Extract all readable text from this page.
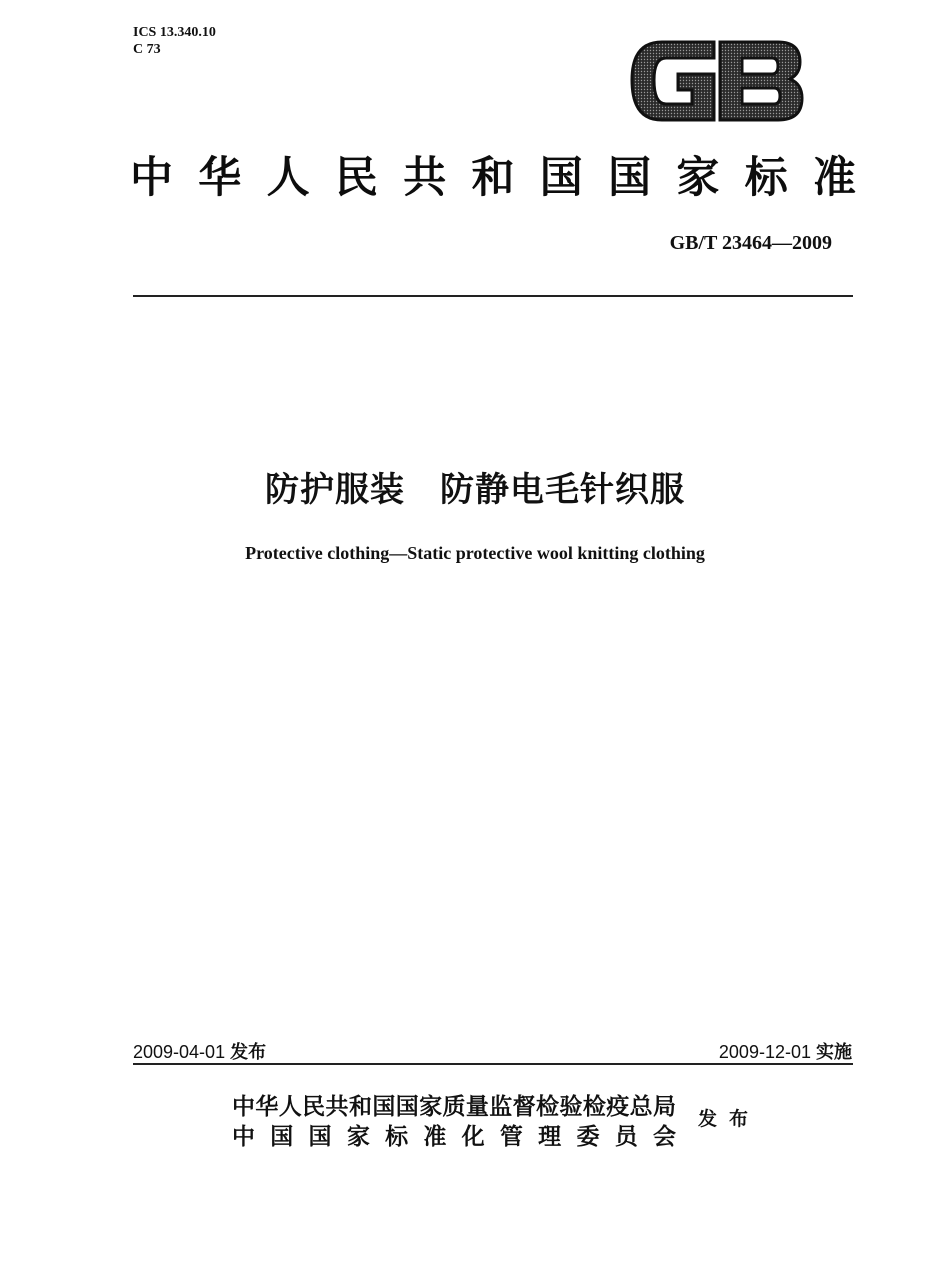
ICS 13.340.10
C 73
中华人民共和国国家标准
GB/T 23464—2009
防护服装　防静电毛针织服
Protective clothing—Static protective wool knitting clothing
2009-04-01 发布	2009-12-01 实施
中华人民共和国国家质量监督检验检疫总局
中国国家标准化管理委员会
发布
